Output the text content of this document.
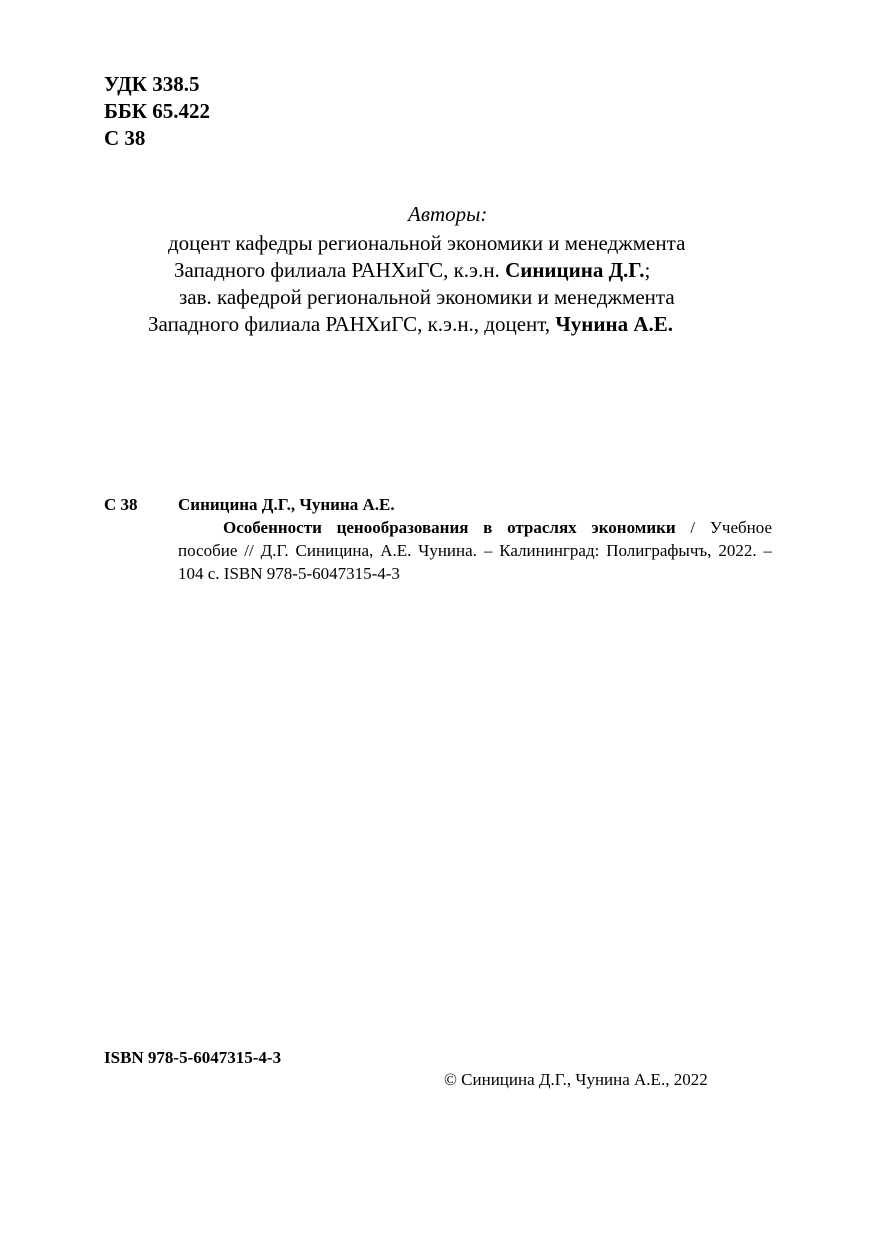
УДК 338.5
ББК 65.422
С 38
Авторы:
доцент кафедры региональной экономики и менеджмента
Западного филиала РАНХиГС, к.э.н. Синицина Д.Г.;
зав. кафедрой региональной экономики и менеджмента
Западного филиала РАНХиГС, к.э.н., доцент, Чунина А.Е.
С 38 Синицина Д.Г., Чунина А.Е.
Особенности ценообразования в отраслях экономики / Учебное пособие // Д.Г. Синицина, А.Е. Чунина. – Калининград: Полиграфычъ, 2022. – 104 с. ISBN 978-5-6047315-4-3
ISBN 978-5-6047315-4-3
© Синицина Д.Г., Чунина А.Е., 2022
